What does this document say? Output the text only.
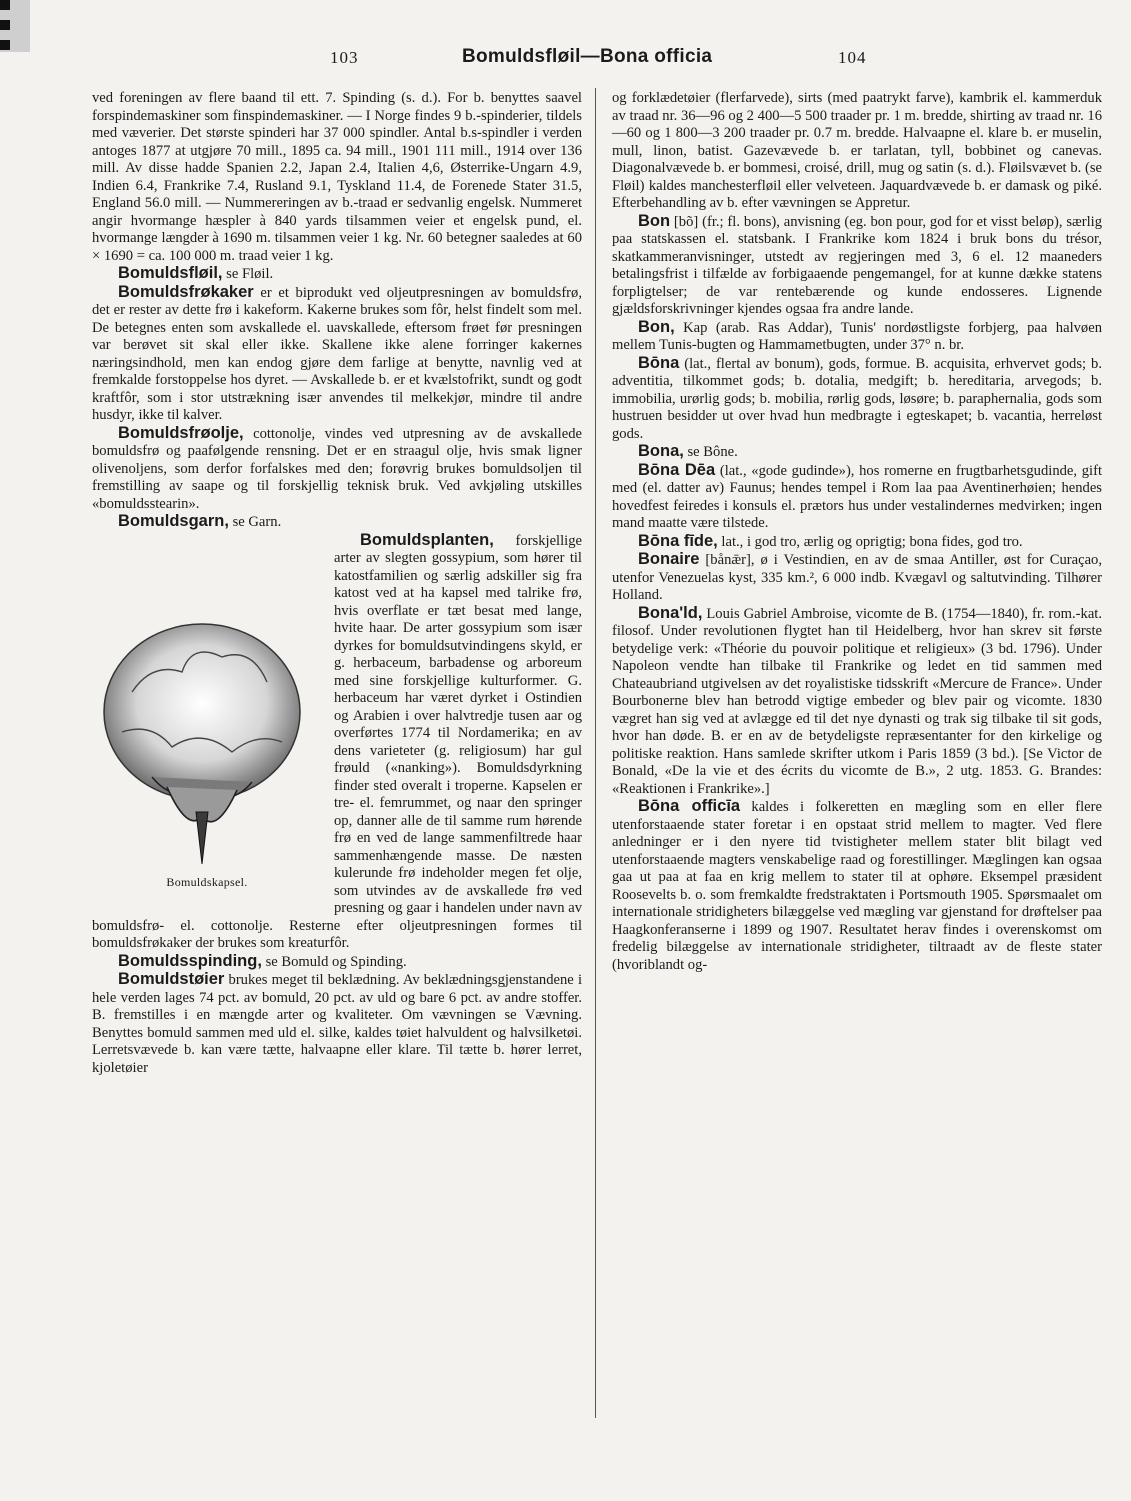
103	Bomuldsfløil—Bona officia	104

ved foreningen av flere baand til ett. 7. Spinding (s. d.). For b. benyttes saavel forspindemaskiner som finspindemaskiner. — I Norge findes 9 b.-spinderier, tildels med væverier. Det største spinderi har 37 000 spindler. Antal b.s-spindler i verden antoges 1877 at utgjøre 70 mill., 1895 ca. 94 mill., 1901 111 mill., 1914 over 136 mill. Av disse hadde Spanien 2.2, Japan 2.4, Italien 4,6, Østerrike-Ungarn 4.9, Indien 6.4, Frankrike 7.4, Rusland 9.1, Tyskland 11.4, de Forenede Stater 31.5, England 56.0 mill. — Nummereringen av b.-traad er sedvanlig engelsk. Nummeret angir hvormange hæspler à 840 yards tilsammen veier et engelsk pund, el. hvormange længder à 1690 m. tilsammen veier 1 kg. Nr. 60 betegner saaledes at 60 × 1690 = ca. 100 000 m. traad veier 1 kg.

Bomuldsfløil, se Fløil.

Bomuldsfrøkaker er et biprodukt ved oljeutpresningen av bomuldsfrø, det er rester av dette frø i kakeform. Kakerne brukes som fôr, helst findelt som mel. De betegnes enten som avskallede el. uavskallede, eftersom frøet før presningen var berøvet sit skal eller ikke. Skallene ikke alene forringer kakernes næringsindhold, men kan endog gjøre dem farlige at benytte, navnlig ved at fremkalde forstoppelse hos dyret. — Avskallede b. er et kvælstofrikt, sundt og godt kraftfôr, som i stor utstrækning især anvendes til melkekjør, mindre til andre husdyr, ikke til kalver.

Bomuldsfrøolje, cottonolje, vindes ved utpresning av de avskallede bomuldsfrø og paafølgende rensning. Det er en straagul olje, hvis smak ligner olivenoljens, som derfor forfalskes med den; forøvrig brukes bomuldsoljen til fremstilling av saape og til forskjellig teknisk bruk. Ved avkjøling utskilles «bomuldsstearin».

Bomuldsgarn, se Garn.

Bomuldskapsel.
Bomuldsplanten, forskjellige arter av slegten gossypium, som hører til katostfamilien og særlig adskiller sig fra katost ved at ha kapsel med talrike frø, hvis overflate er tæt besat med lange, hvite haar. De arter gossypium som især dyrkes for bomuldsutvindingens skyld, er g. herbaceum, barbadense og arboreum med sine forskjellige kulturformer. G. herbaceum har været dyrket i Ostindien og Arabien i over halvtredje tusen aar og overførtes 1774 til Nordamerika; en av dens varieteter (g. religiosum) har gul frøuld («nanking»). Bomuldsdyrkning finder sted overalt i troperne. Kapselen er tre- el. femrummet, og naar den springer op, danner alle de til samme rum hørende frø en ved de lange sammenfiltrede haar sammenhængende masse. De næsten kulerunde frø indeholder megen fet olje, som utvindes av de avskallede frø ved presning og gaar i handelen under navn av bomuldsfrø- el. cottonolje. Resterne efter oljeutpresningen formes til bomuldsfrøkaker der brukes som kreaturfôr.

Bomuldsspinding, se Bomuld og Spinding.

Bomuldstøier brukes meget til beklædning. Av beklædningsgjenstandene i hele verden lages 74 pct. av bomuld, 20 pct. av uld og bare 6 pct. av andre stoffer. B. fremstilles i en mængde arter og kvaliteter. Om vævningen se Vævning. Benyttes bomuld sammen med uld el. silke, kaldes tøiet halvuldent og halvsilketøi. Lerretsvævede b. kan være tætte, halvaapne eller klare. Til tætte b. hører lerret, kjoletøier

og forklædetøier (flerfarvede), sirts (med paatrykt farve), kambrik el. kammerduk av traad nr. 36—96 og 2 400—5 500 traader pr. 1 m. bredde, shirting av traad nr. 16—60 og 1 800—3 200 traader pr. 0.7 m. bredde. Halvaapne el. klare b. er muselin, mull, linon, batist. Gazevævede b. er tarlatan, tyll, bobbinet og canevas. Diagonalvævede b. er bommesi, croisé, drill, mug og satin (s. d.). Fløilsvævet b. (se Fløil) kaldes manchesterfløil eller velveteen. Jaquardvævede b. er damask og piké. Efterbehandling av b. efter vævningen se Appretur.

Bon [bõ] (fr.; fl. bons), anvisning (eg. bon pour, god for et visst beløp), særlig paa statskassen el. statsbank. I Frankrike kom 1824 i bruk bons du trésor, skatkammeranvisninger, utstedt av regjeringen med 3, 6 el. 12 maaneders betalingsfrist i tilfælde av forbigaaende pengemangel, for at kunne dække statens forpligtelser; de var rentebærende og kunde endosseres. Lignende gjældsforskrivninger kjendes ogsaa fra andre lande.

Bon, Kap (arab. Ras Addar), Tunis' nordøstligste forbjerg, paa halvøen mellem Tunis-bugten og Hammametbugten, under 37° n. br.

Bōna (lat., flertal av bonum), gods, formue. B. acquisita, erhvervet gods; b. adventitia, tilkommet gods; b. dotalia, medgift; b. hereditaria, arvegods; b. immobilia, urørlig gods; b. mobilia, rørlig gods, løsøre; b. paraphernalia, gods som hustruen besidder ut over hvad hun medbragte i egteskapet; b. vacantia, herreløst gods.

Bona, se Bône.

Bōna Dēa (lat., «gode gudinde»), hos romerne en frugtbarhetsgudinde, gift med (el. datter av) Faunus; hendes tempel i Rom laa paa Aventinerhøien; hendes hovedfest feiredes i konsuls el. prætors hus under vestalindernes medvirken; ingen mand maatte være tilstede.

Bōna fīde, lat., i god tro, ærlig og oprigtig; bona fides, god tro.

Bonaire [bånǣr], ø i Vestindien, en av de smaa Antiller, øst for Curaçao, utenfor Venezuelas kyst, 335 km.², 6 000 indb. Kvægavl og saltutvinding. Tilhører Holland.

Bona'ld, Louis Gabriel Ambroise, vicomte de B. (1754—1840), fr. rom.-kat. filosof. Under revolutionen flygtet han til Heidelberg, hvor han skrev sit første betydelige verk: «Théorie du pouvoir politique et religieux» (3 bd. 1796). Under Napoleon vendte han tilbake til Frankrike og ledet en tid sammen med Chateaubriand utgivelsen av det royalistiske tidsskrift «Mercure de France». Under Bourbonerne blev han betrodd vigtige embeder og blev pair og vicomte. 1830 vægret han sig ved at avlægge ed til det nye dynasti og trak sig tilbake til sit gods, hvor han døde. B. er en av de betydeligste repræsentanter for den kirkelige og politiske reaktion. Hans samlede skrifter utkom i Paris 1859 (3 bd.). [Se Victor de Bonald, «De la vie et des écrits du vicomte de B.», 2 utg. 1853. G. Brandes: «Reaktionen i Frankrike».]

Bōna officīa kaldes i folkeretten en mægling som en eller flere utenforstaaende stater foretar i en opstaat strid mellem to magter. Ved flere anledninger er i den nyere tid tvistigheter mellem stater blit bilagt ved utenforstaaende magters venskabelige raad og forestillinger. Mæglingen kan ogsaa gaa ut paa at faa en krig mellem to stater til at ophøre. Eksempel præsident Roosevelts b. o. som fremkaldte fredstraktaten i Portsmouth 1905. Spørsmaalet om internationale stridigheters bilæggelse ved mægling var gjenstand for drøftelser paa Haagkonferanserne i 1899 og 1907. Resultatet herav findes i overenskomst om fredelig bilæggelse av internationale stridigheter, tiltraadt av de fleste stater (hvoriblandt og-
